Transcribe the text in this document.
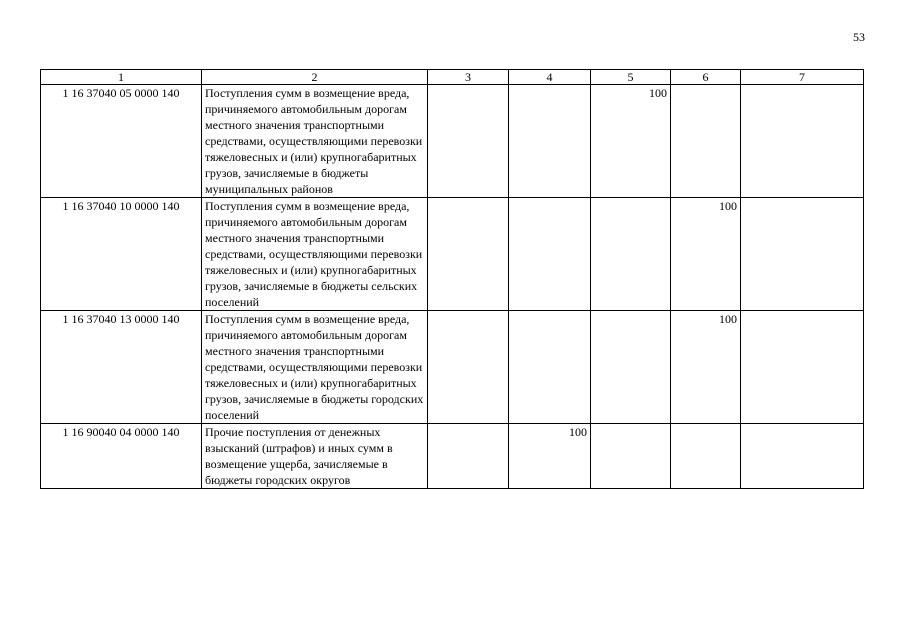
53
1	2	3	4	5	6	7
1 16 37040 05 0000 140	Поступления сумм в возмещение вреда, причиняемого автомобильным дорогам местного значения транспортными средствами, осуществляющими перевозки тяжеловесных и (или) крупногабаритных грузов, зачисляемые в бюджеты муниципальных районов			100		
1 16 37040 10 0000 140	Поступления сумм в возмещение вреда, причиняемого автомобильным дорогам местного значения транспортными средствами, осуществляющими перевозки тяжеловесных и (или) крупногабаритных грузов, зачисляемые в бюджеты сельских поселений				100	
1 16 37040 13 0000 140	Поступления сумм в возмещение вреда, причиняемого автомобильным дорогам местного значения транспортными средствами, осуществляющими перевозки тяжеловесных и (или) крупногабаритных грузов, зачисляемые в бюджеты городских поселений				100	
1 16 90040 04 0000 140	Прочие поступления от денежных взысканий (штрафов) и иных сумм в возмещение ущерба, зачисляемые в бюджеты городских округов		100			
